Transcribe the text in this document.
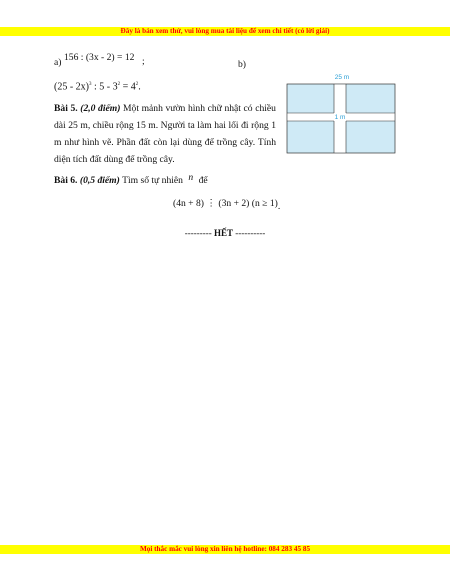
Đây là bản xem thử, vui lòng mua tài liệu để xem chi tiết (có lời giải)
a) 156 : (3x - 2) = 12 ;	b)
(25 - 2x)$^3$ : $5 - 3^2 = 4^2$.
Bài 5. (2,0 điểm) Một mảnh vườn hình chữ nhật có chiều dài 25 m, chiều rộng 15 m. Người ta làm hai lối đi rộng 1 m như hình vẽ. Phần đất còn lại dùng để trồng cây. Tính diện tích đất dùng để trồng cây.
25 m
1 m
Bài 6. (0,5 điểm) Tìm số tự nhiên n để
(4n + 8) ⋮ (3n + 2) (n ≥ 1).
--------- HẾT ----------
Mọi thắc mắc vui lòng xin liên hệ hotline: 084 283 45 85
